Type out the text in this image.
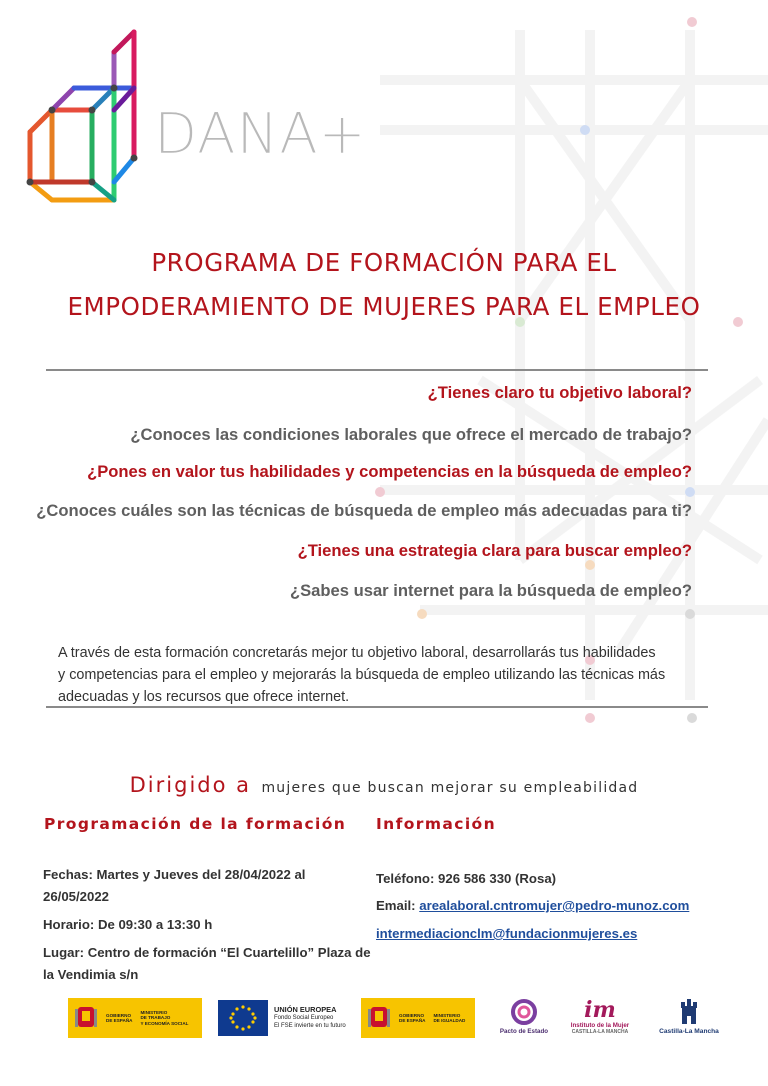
DANA+
PROGRAMA DE FORMACIÓN PARA EL
EMPODERAMIENTO DE MUJERES PARA EL EMPLEO
¿Tienes claro tu objetivo laboral?
¿Conoces las condiciones laborales que ofrece el mercado de trabajo?
¿Pones en valor tus habilidades y competencias en la búsqueda de empleo?
¿Conoces cuáles son las técnicas de búsqueda de empleo más adecuadas para ti?
¿Tienes una estrategia clara para buscar empleo?
¿Sabes usar internet para la búsqueda de empleo?
A través de esta formación concretarás mejor tu objetivo laboral, desarrollarás tus habilidades
y competencias para el empleo y mejorarás la búsqueda de empleo utilizando las técnicas más
adecuadas y los recursos que ofrece internet.
Dirigido a mujeres que buscan mejorar su empleabilidad
Programación de la formación Información

Fechas: Martes y Jueves del 28/04/2022 al 26/05/2022

Horario: De 09:30 a 13:30 h

Lugar: Centro de formación “El Cuartelillo” Plaza de la Vendimia s/n

Teléfono: 926 586 330 (Rosa)

Email: arealaboral.cntromujer@pedro-munoz.com

intermediacionclm@fundacionmujeres.es

GOBIERNO
DE ESPAÑA
MINISTERIO
DE TRABAJO
Y ECONOMÍA SOCIAL
UNIÓN EUROPEA
Fondo Social Europeo
El FSE invierte en tu futuro
GOBIERNO
DE ESPAÑA
MINISTERIO
DE IGUALDAD
Pacto de Estado
im
Instituto de la Mujer
CASTILLA-LA MANCHA	Castilla-La Mancha
